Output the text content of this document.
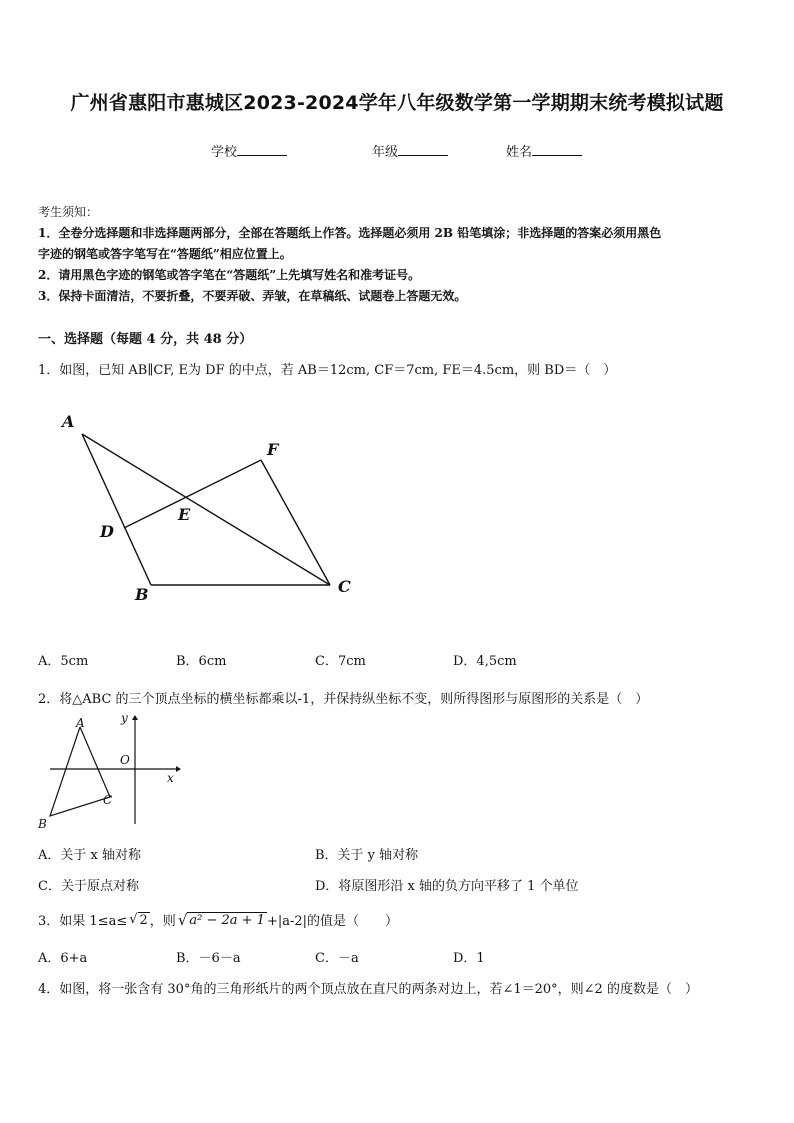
广州省惠阳市惠城区2023-2024学年八年级数学第一学期期末统考模拟试题
学校	年级	姓名
考生须知：
1．全卷分选择题和非选择题两部分，全部在答题纸上作答。选择题必须用 2B 铅笔填涂；非选择题的答案必须用黑色
字迹的钢笔或答字笔写在“答题纸”相应位置上。
2．请用黑色字迹的钢笔或答字笔在“答题纸”上先填写姓名和准考证号。
3．保持卡面清洁，不要折叠，不要弄破、弄皱，在草稿纸、试题卷上答题无效。
一、选择题（每题 4 分，共 48 分）
1．如图，已知 AB∥CF, E为 DF 的中点，若 AB＝12cm, CF＝7cm, FE＝4.5cm，则 BD＝（　）
A
F
E
D
B	C
A．5cm	B．6cm	C．7cm	D．4,5cm
2．将△ABC 的三个顶点坐标的横坐标都乘以-1，并保持纵坐标不变，则所得图形与原图形的关系是（　）
A	y
O
x
C
B
A．关于 x 轴对称	B．关于 y 轴对称
C．关于原点对称	D．将原图形沿 x 轴的负方向平移了 1 个单位
3．如果 1≤a≤ √ 2 ，则 √ a² − 2a + 1 +|a-2|的值是（　　）
A．6+a	B．－6－a	C．－a	D．1
4．如图，将一张含有 30°角的三角形纸片的两个顶点放在直尺的两条对边上，若∠1＝20°，则∠2 的度数是（　）
